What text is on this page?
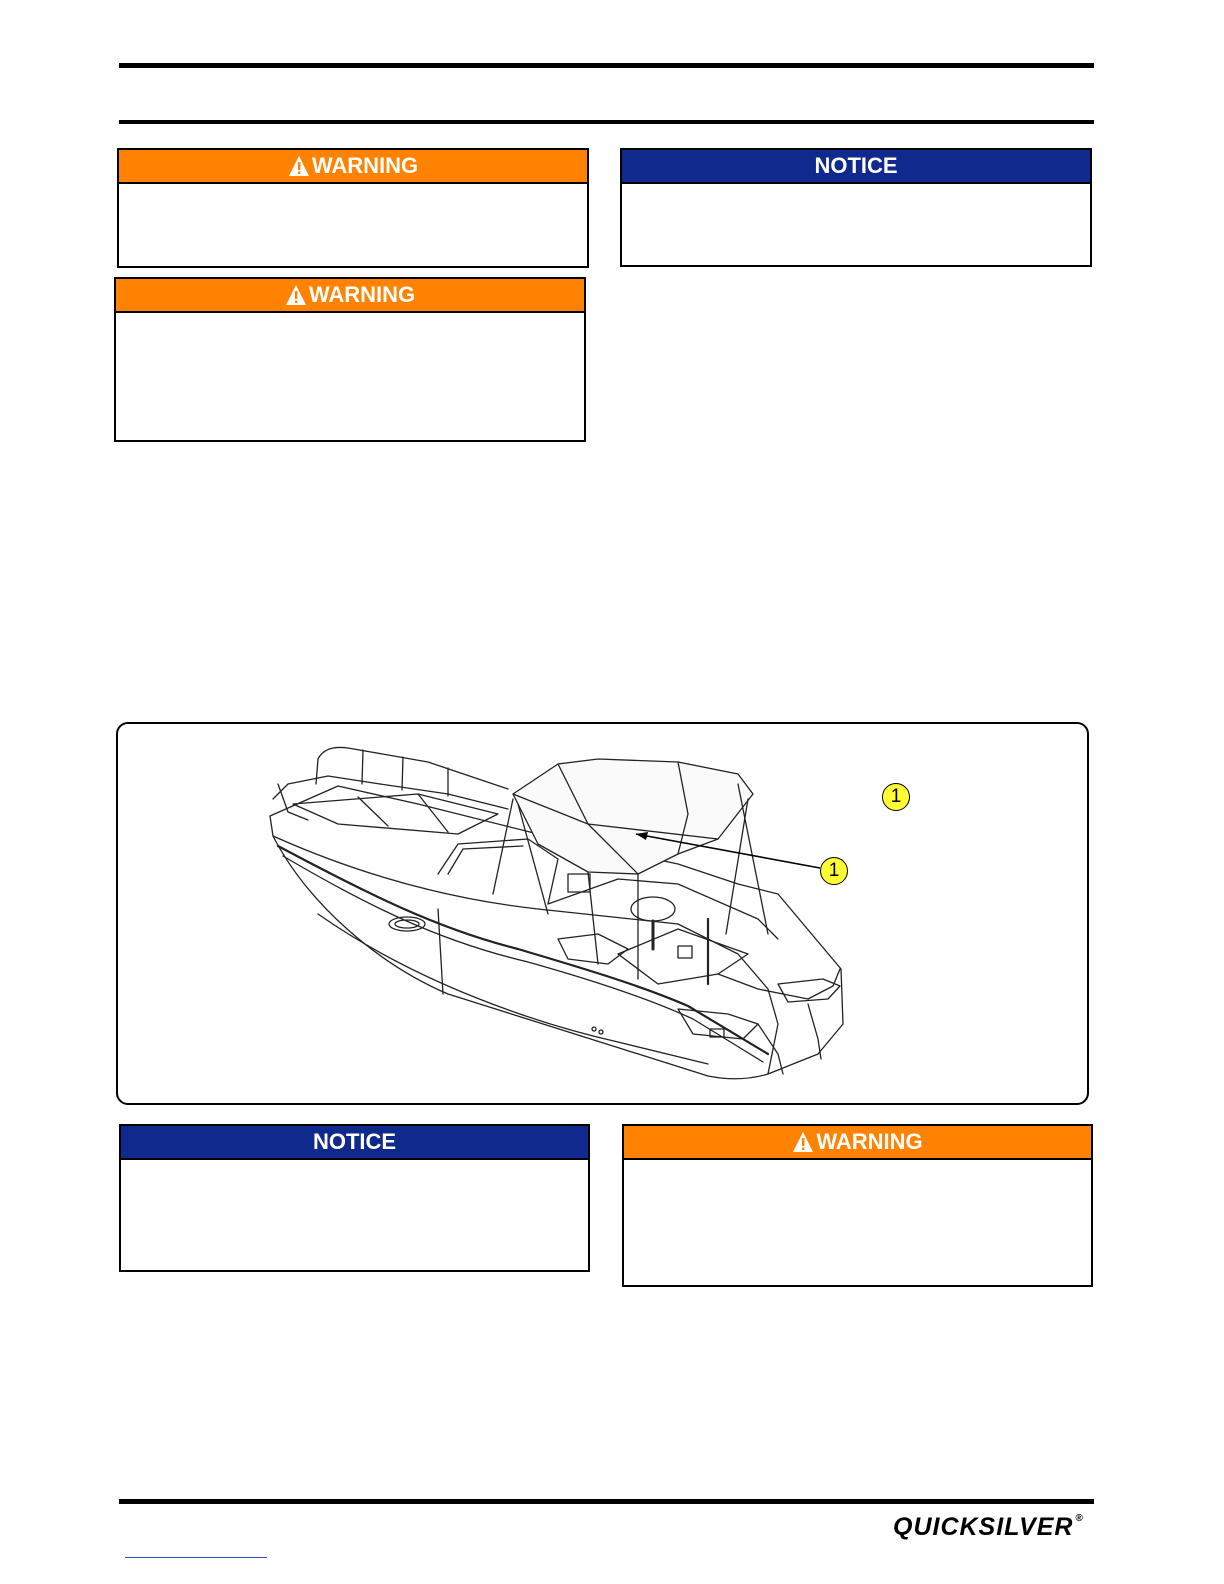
WARNING
WARNING
NOTICE
1
1
NOTICE	WARNING
QUICKSILVER ®
